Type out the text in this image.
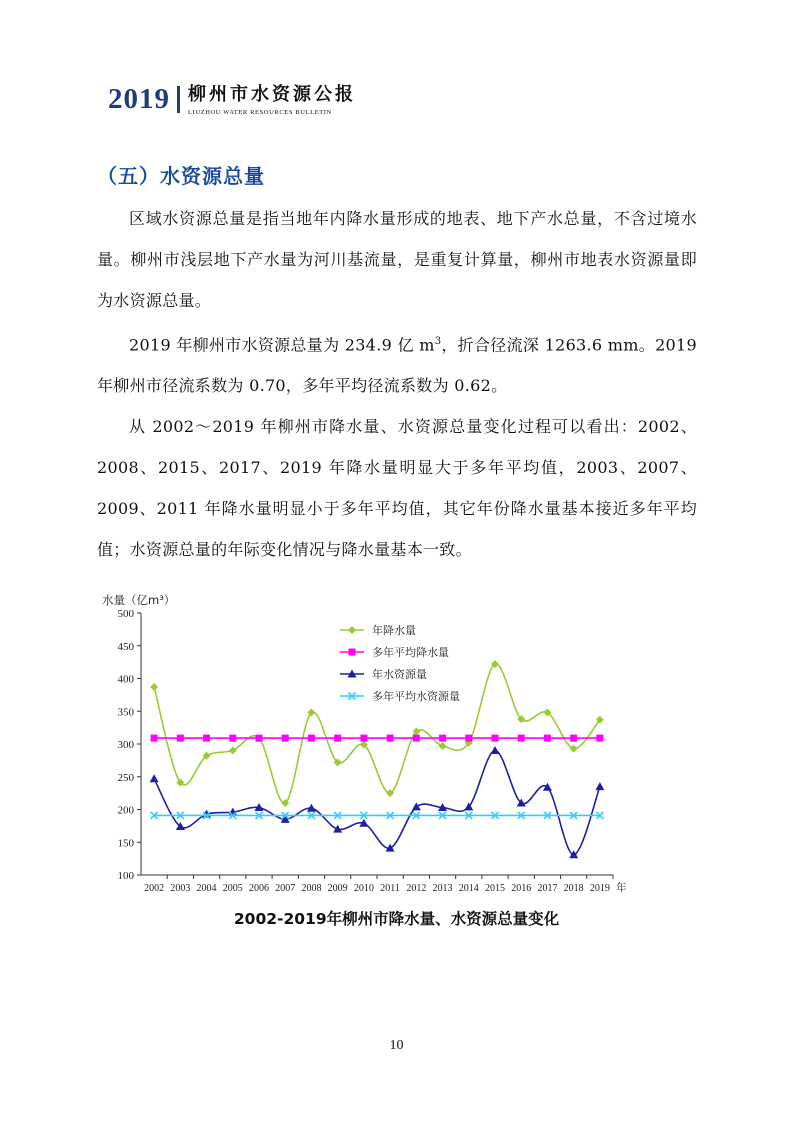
2019 柳州市水资源公报
LIUZHOU WATER RESOURCES BULLETIN
（五）水资源总量

区域水资源总量是指当地年内降水量形成的地表、地下产水总量，不含过境水量。柳州市浅层地下产水量为河川基流量，是重复计算量，柳州市地表水资源量即为水资源总量。

2019 年柳州市水资源总量为 234.9 亿 $m^3$，折合径流深 1263.6 mm。2019 年柳州市径流系数为 0.70，多年平均径流系数为 0.62。

从 2002～2019 年柳州市降水量、水资源总量变化过程可以看出：2002、2008、2015、2017、2019 年降水量明显大于多年平均值，2003、2007、2009、2011 年降水量明显小于多年平均值，其它年份降水量基本接近多年平均值；水资源总量的年际变化情况与降水量基本一致。

100
150
200
250
300
350
400
450
500
水量（亿m³）
2002 2003 2004 2005 2006 2007 2008 2009 2010 2011 2012 2013 2014 2015 2016 2017 2018 2019 年
年降水量
多年平均降水量
年水资源量
多年平均水资源量
2002-2019年柳州市降水量、水资源总量变化
10
